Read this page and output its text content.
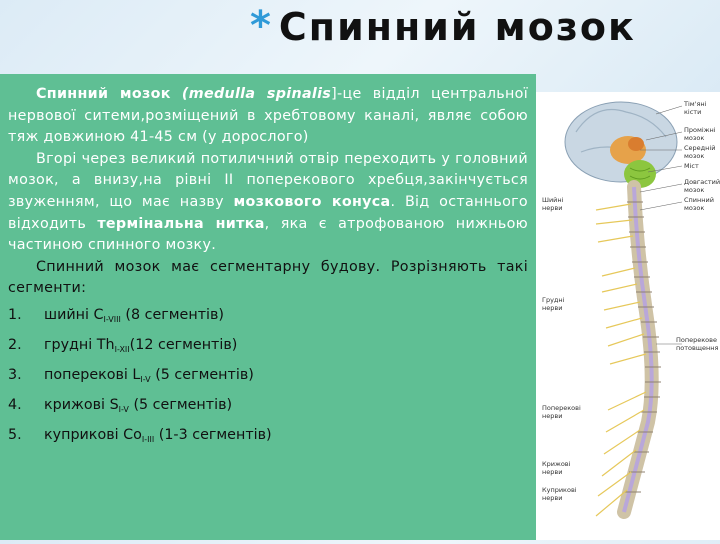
* Спинний мозок

Спинний мозок (medulla spinalis]-це відділ центральної нервової ситеми,розміщений в хребтовому каналі, являє собою тяж довжиною 41-45 см (у дорослого)

Вгорі через великий потиличний отвір переходить у головний мозок, а внизу,на рівні ІІ поперекового хребця,закінчується звуженням, що має назву мозкового конуса. Від останнього відходить термінальна нитка, яка є атрофованою нижньою частиною спинного мозку.

Спинний мозок має сегментарну будову. Розрізняють такі сегменти:

1.	шийні $C_{I-VIII}$ (8 сегментів)
2.	грудні $Th_{I-XII}(12$ сегментів)
3.	поперекові $L_{I-V}$ (5 сегментів)
4.	крижові $S_{I-V}$ (5 сегментів)
5.	куприкові $Co_{I-III}$ (1-3 сегментів)
Тім'яні
кісти
Проміжні
мозок
Середній
мозок
Міст
Довгастий
мозок
Спинний
мозок
Поперекове
потовщення
Шийні
нерви
Грудні
нерви
Поперекові
нерви
Крижові
нерви
Куприкові
нерви
